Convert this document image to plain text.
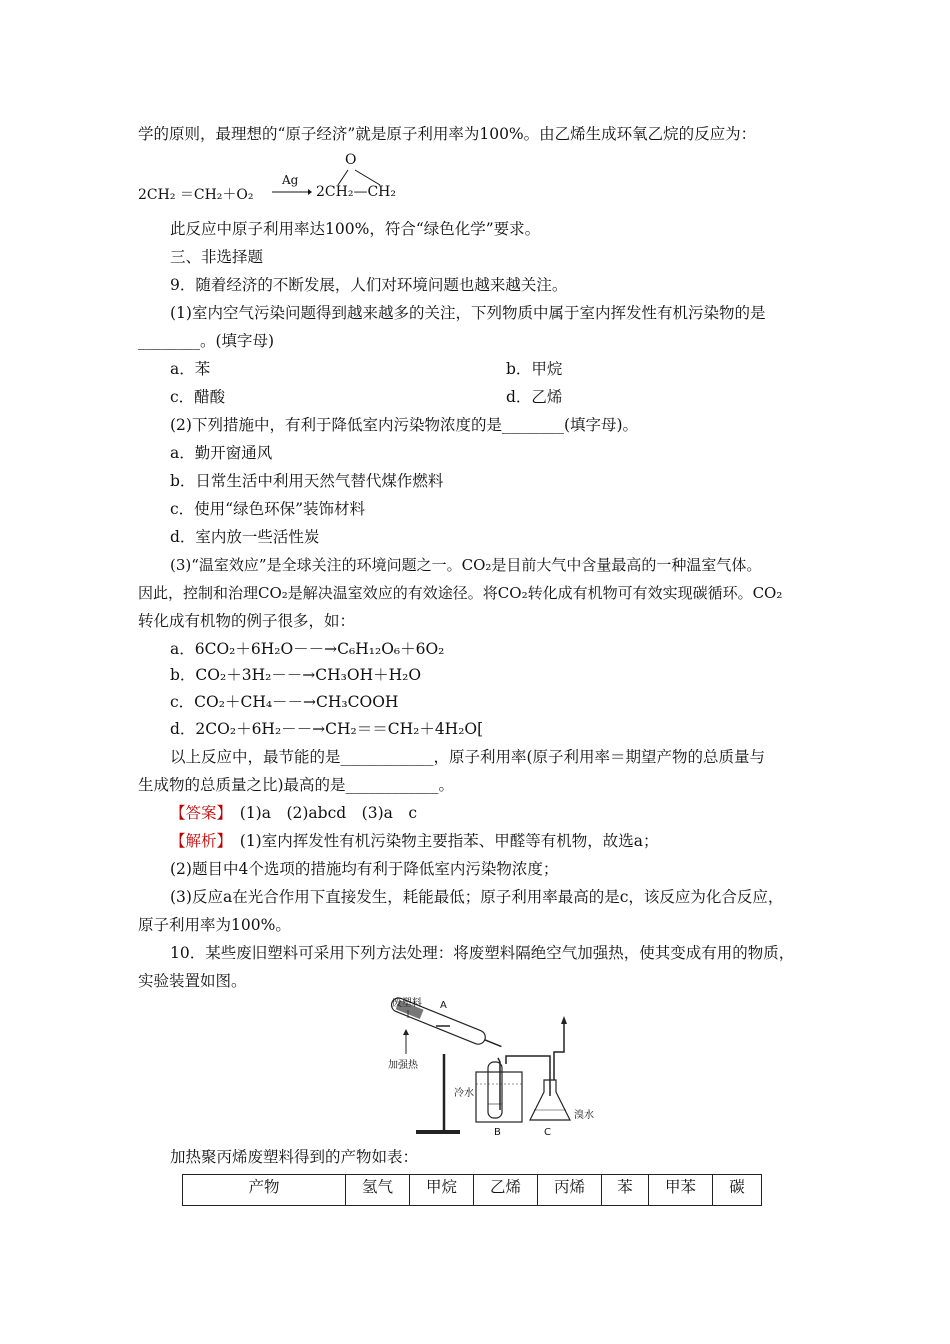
学的原则，最理想的“原子经济”就是原子利用率为100%。由乙烯生成环氧乙烷的反应为：
2CH₂ ＝CH₂＋O₂
Ag
→ 2CH₂—CH₂
O
此反应中原子利用率达100%，符合“绿色化学”要求。
三、非选择题
9．随着经济的不断发展，人们对环境问题也越来越关注。
(1)室内空气污染问题得到越来越多的关注，下列物质中属于室内挥发性有机污染物的是
________。(填字母)
a．苯	b．甲烷
c．醋酸	d．乙烯
(2)下列措施中，有利于降低室内污染物浓度的是________(填字母)。
a．勤开窗通风
b．日常生活中利用天然气替代煤作燃料
c．使用“绿色环保”装饰材料
d．室内放一些活性炭
(3)“温室效应”是全球关注的环境问题之一。CO₂是目前大气中含量最高的一种温室气体。
因此，控制和治理CO₂是解决温室效应的有效途径。将CO₂转化成有机物可有效实现碳循环。CO₂
转化成有机物的例子很多，如：
a．6CO₂＋6H₂O－－→C₆H₁₂O₆＋6O₂
b．CO₂＋3H₂－－→CH₃OH＋H₂O
c．CO₂＋CH₄－－→CH₃COOH
d．2CO₂＋6H₂－－→CH₂＝＝CH₂＋4H₂O[
以上反应中，最节能的是____________，原子利用率(原子利用率＝期望产物的总质量与
生成物的总质量之比)最高的是____________。
【答案】　(1)a　(2)abcd　(3)a　c
【解析】　(1)室内挥发性有机污染物主要指苯、甲醛等有机物，故选a；
(2)题目中4个选项的措施均有利于降低室内污染物浓度；
(3)反应a在光合作用下直接发生，耗能最低；原子利用率最高的是c，该反应为化合反应，
原子利用率为100%。
10．某些废旧塑料可采用下列方法处理：将废塑料隔绝空气加强热，使其变成有用的物质，
实验装置如图。
废塑料 A
加强热
冷水
溴水
B	C
加热聚丙烯废塑料得到的产物如表：
产物	氢气	甲烷	乙烯	丙烯	苯	甲苯	碳
